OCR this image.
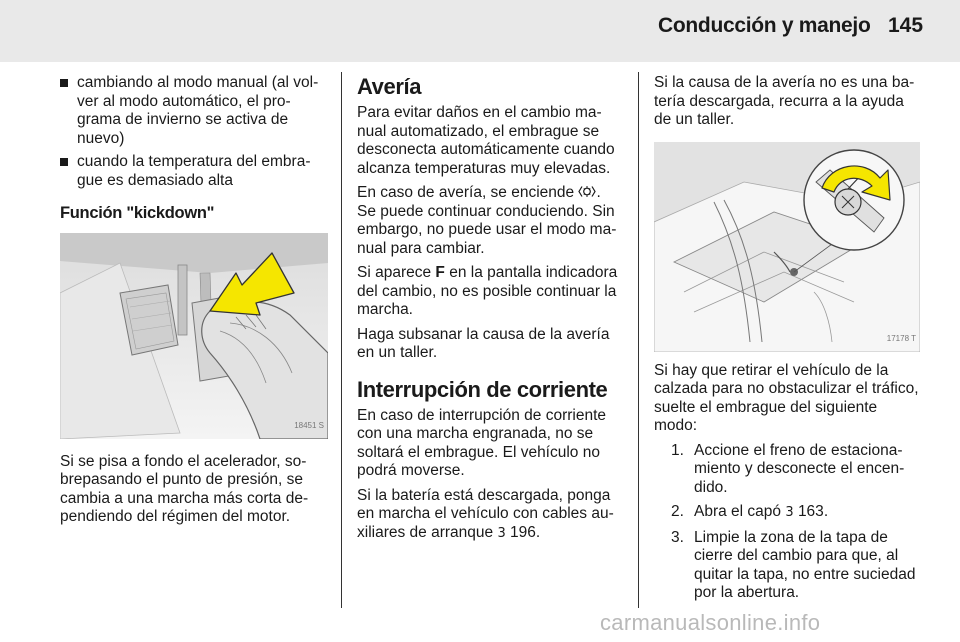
Conducción y manejo 145
cambiando al modo manual (al volver al modo automático, el programa de invierno se activa de nuevo)
cuando la temperatura del embrague es demasiado alta
Función "kickdown"
18451 S

Si se pisa a fondo el acelerador, sobrepasando el punto de presión, se cambia a una marcha más corta dependiendo del régimen del motor.

Avería

Para evitar daños en el cambio manual automatizado, el embrague se desconecta automáticamente cuando alcanza temperaturas muy elevadas.

En caso de avería, se enciende . Se puede continuar conduciendo. Sin embargo, no puede usar el modo manual para cambiar.

Si aparece F en la pantalla indicadora del cambio, no es posible continuar la marcha.

Haga subsanar la causa de la avería en un taller.

Interrupción de corriente

En caso de interrupción de corriente con una marcha engranada, no se soltará el embrague. El vehículo no podrá moverse.

Si la batería está descargada, ponga en marcha el vehículo con cables auxiliares de arranque 3 196.

Si la causa de la avería no es una batería descargada, recurra a la ayuda de un taller.

17178 T

Si hay que retirar el vehículo de la calzada para no obstaculizar el tráfico, suelte el embrague del siguiente modo:

1. Accione el freno de estacionamiento y desconecte el encendido.
2. Abra el capó 3 163.
3. Limpie la zona de la tapa de cierre del cambio para que, al quitar la tapa, no entre suciedad por la abertura.
carmanualsonline.info
